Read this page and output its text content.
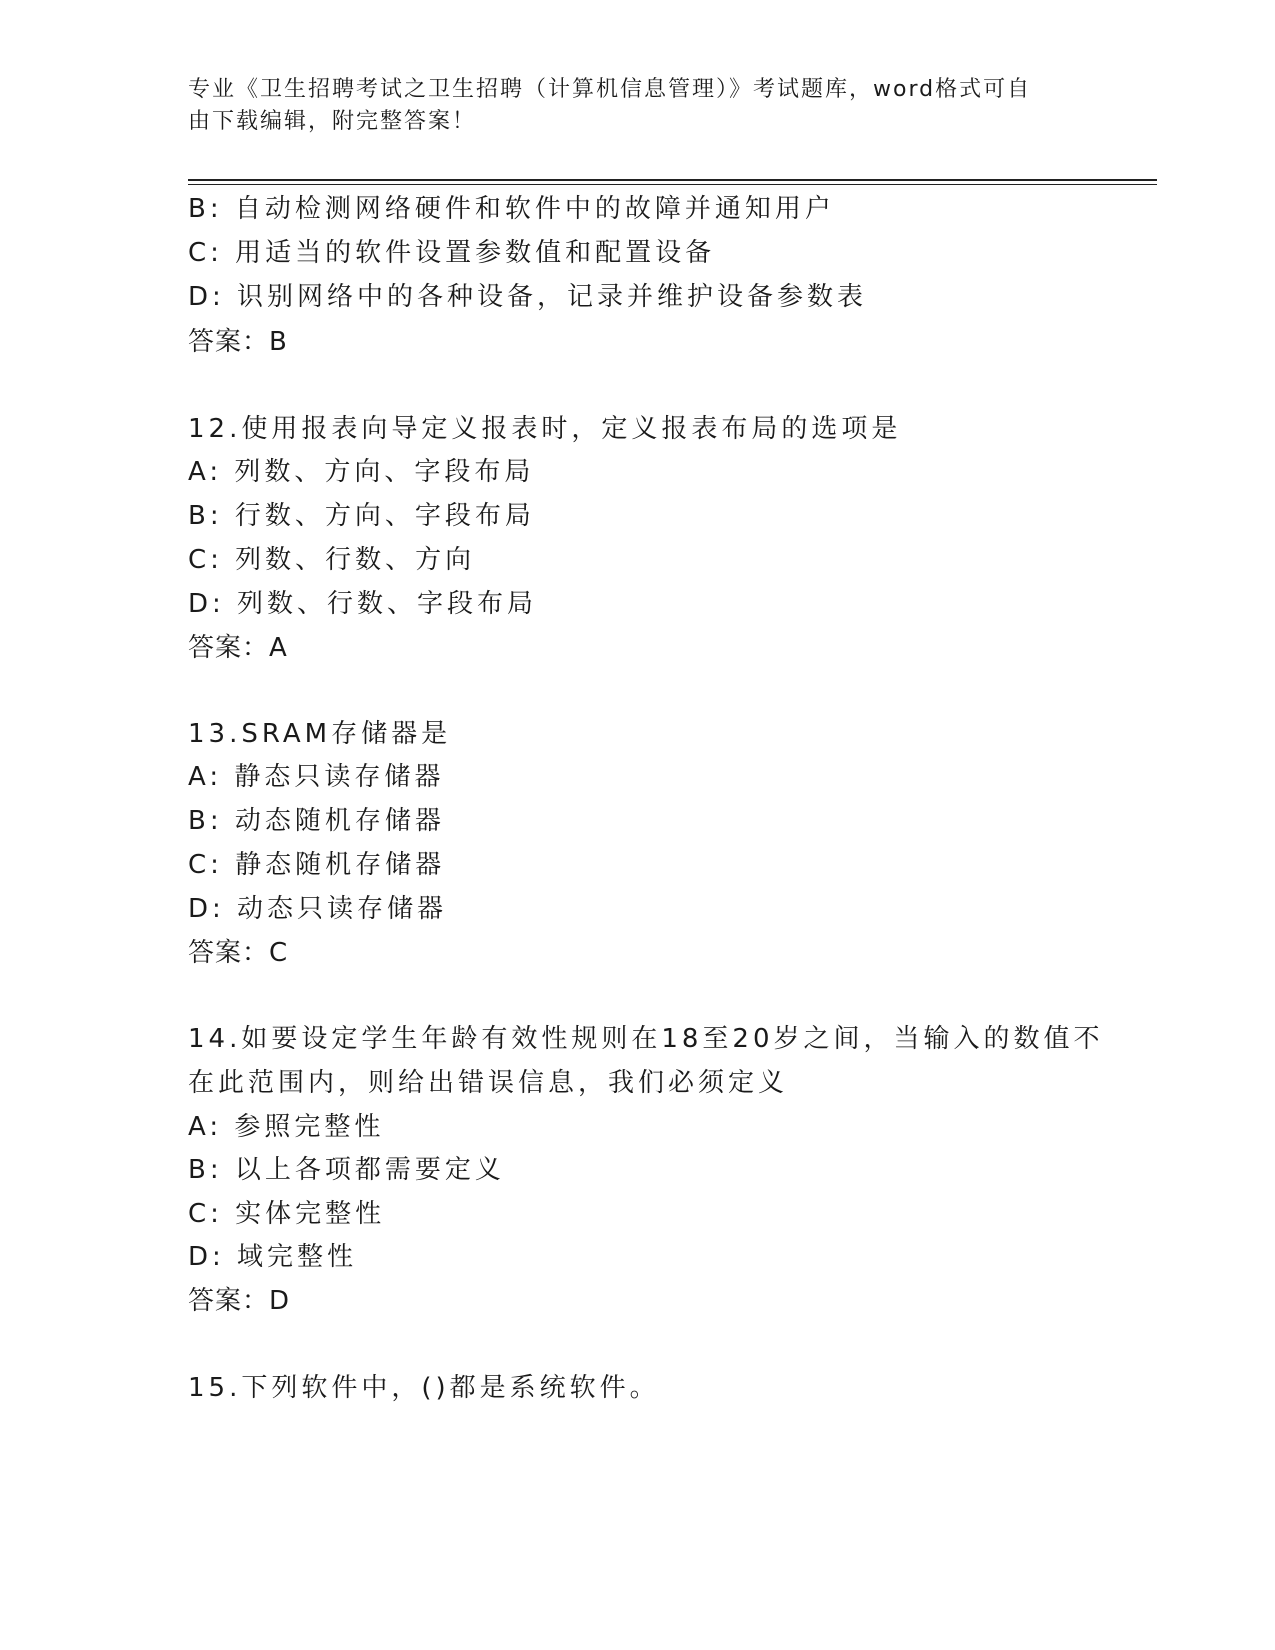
专业《卫生招聘考试之卫生招聘（计算机信息管理）》考试题库，word格式可自
由下载编辑，附完整答案！
B: 自动检测网络硬件和软件中的故障并通知用户
C: 用适当的软件设置参数值和配置设备
D: 识别网络中的各种设备，记录并维护设备参数表
答案：B
12.使用报表向导定义报表时，定义报表布局的选项是
A: 列数、方向、字段布局
B: 行数、方向、字段布局
C: 列数、行数、方向
D: 列数、行数、字段布局
答案：A
13.SRAM存储器是
A: 静态只读存储器
B: 动态随机存储器
C: 静态随机存储器
D: 动态只读存储器
答案：C
14.如要设定学生年龄有效性规则在18至20岁之间，当输入的数值不
在此范围内，则给出错误信息，我们必须定义
A: 参照完整性
B: 以上各项都需要定义
C: 实体完整性
D: 域完整性
答案：D
15.下列软件中，()都是系统软件。
